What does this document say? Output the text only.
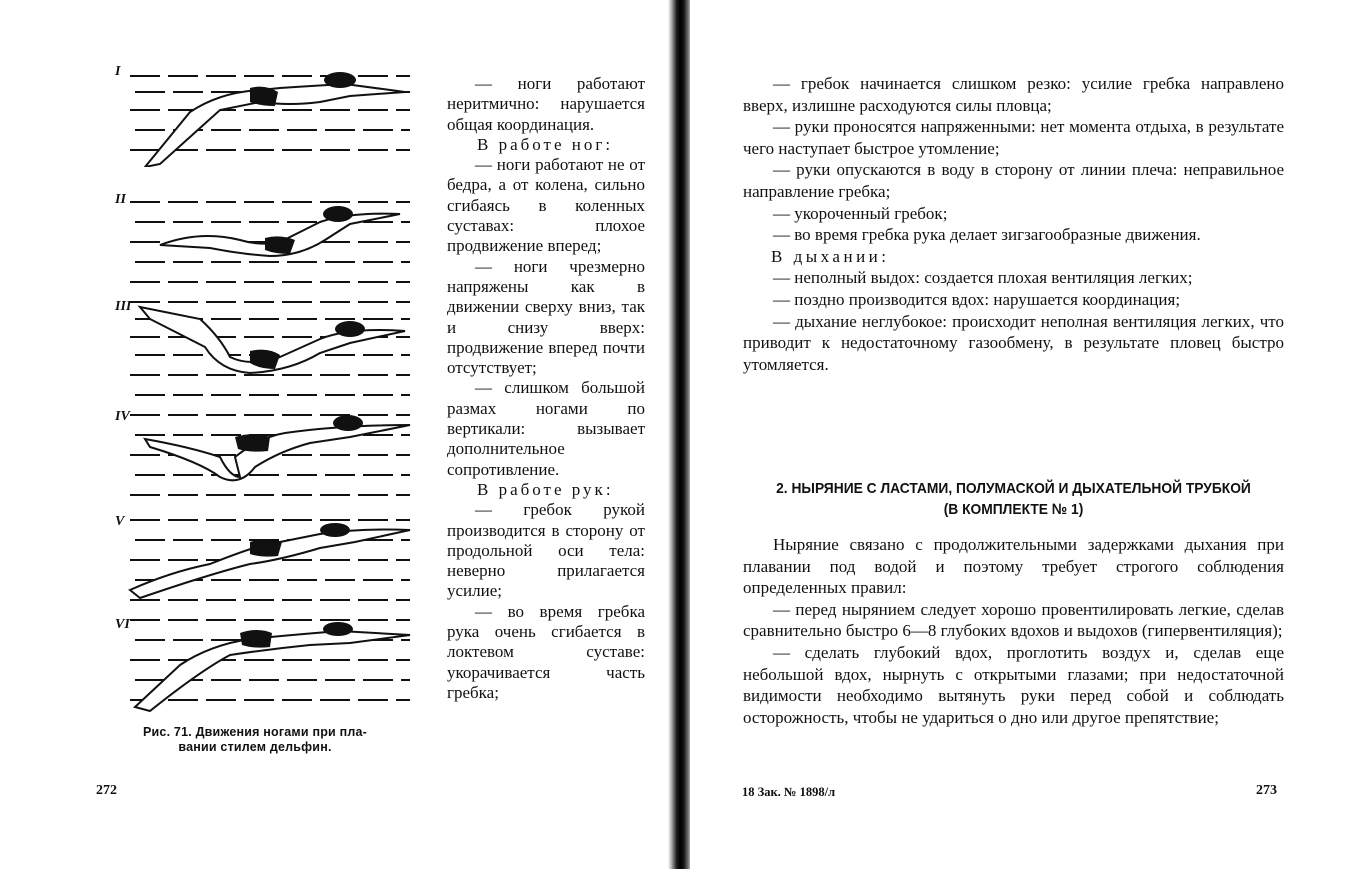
I
II
III
IV
V
VI
Рис. 71. Движения ногами при пла-
вании стилем дельфин.

— ноги работают неритмично: нарушается общая координация.

В работе ног:

— ноги работают не от бедра, а от колена, сильно сгибаясь в коленных суставах: плохое продвижение вперед;

— ноги чрезмерно напряжены как в движении сверху вниз, так и снизу вверх: продвижение вперед почти отсутствует;

— слишком большой размах ногами по вертикали: вызывает дополнительное сопротивление.

В работе рук:

— гребок рукой производится в сторону от продольной оси тела: неверно прилагается усилие;

— во время гребка рука очень сгибается в локтевом суставе: укорачивается часть гребка;

272

— гребок начинается слишком резко: усилие гребка направлено вверх, излишне расходуются силы пловца;

— руки проносятся напряженными: нет момента отдыха, в результате чего наступает быстрое утомление;

— руки опускаются в воду в сторону от линии плеча: неправильное направление гребка;

— укороченный гребок;

— во время гребка рука делает зигзагообразные движения.

В дыхании:

— неполный выдох: создается плохая вентиляция легких;

— поздно производится вдох: нарушается координация;

— дыхание неглубокое: происходит неполная вентиляция легких, что приводит к недостаточному газообмену, в результате пловец быстро утомляется.

2. НЫРЯНИЕ С ЛАСТАМИ, ПОЛУМАСКОЙ И ДЫХАТЕЛЬНОЙ ТРУБКОЙ
(В КОМПЛЕКТЕ № 1)

Ныряние связано с продолжительными задержками дыхания при плавании под водой и поэтому требует строгого соблюдения определенных правил:

— перед нырянием следует хорошо провентилировать легкие, сделав сравнительно быстро 6—8 глубоких вдохов и выдохов (гипервентиляция);

— сделать глубокий вдох, проглотить воздух и, сделав еще небольшой вдох, нырнуть с открытыми глазами; при недостаточной видимости необходимо вытянуть руки перед собой и соблюдать осторожность, чтобы не удариться о дно или другое препятствие;

18 Зак. № 1898/л	273
